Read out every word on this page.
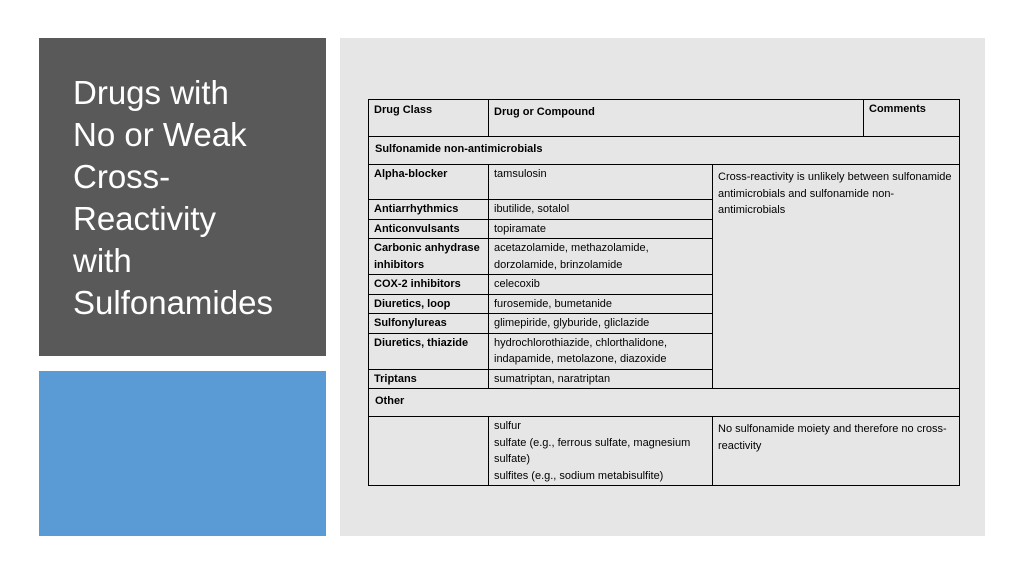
Drugs with
No or Weak
Cross-
Reactivity
with
Sulfonamides
Drug Class	Drug or Compound		Comments
Sulfonamide non-antimicrobials			
Alpha-blocker	tamsulosin	Cross-reactivity is unlikely between sulfonamide antimicrobials and sulfonamide non-antimicrobials	
Antiarrhythmics	ibutilide, sotalol		
Anticonvulsants	topiramate		
Carbonic anhydrase inhibitors	acetazolamide, methazolamide, dorzolamide, brinzolamide		
COX-2 inhibitors	celecoxib		
Diuretics, loop	furosemide, bumetanide		
Sulfonylureas	glimepiride, glyburide, gliclazide		
Diuretics, thiazide	hydrochlorothiazide, chlorthalidone, indapamide, metolazone, diazoxide		
Triptans	sumatriptan, naratriptan		
Other			

	sulfur
sulfate (e.g., ferrous sulfate, magnesium sulfate)
sulfites (e.g., sodium metabisulfite)	No sulfonamide moiety and therefore no cross-reactivity	
